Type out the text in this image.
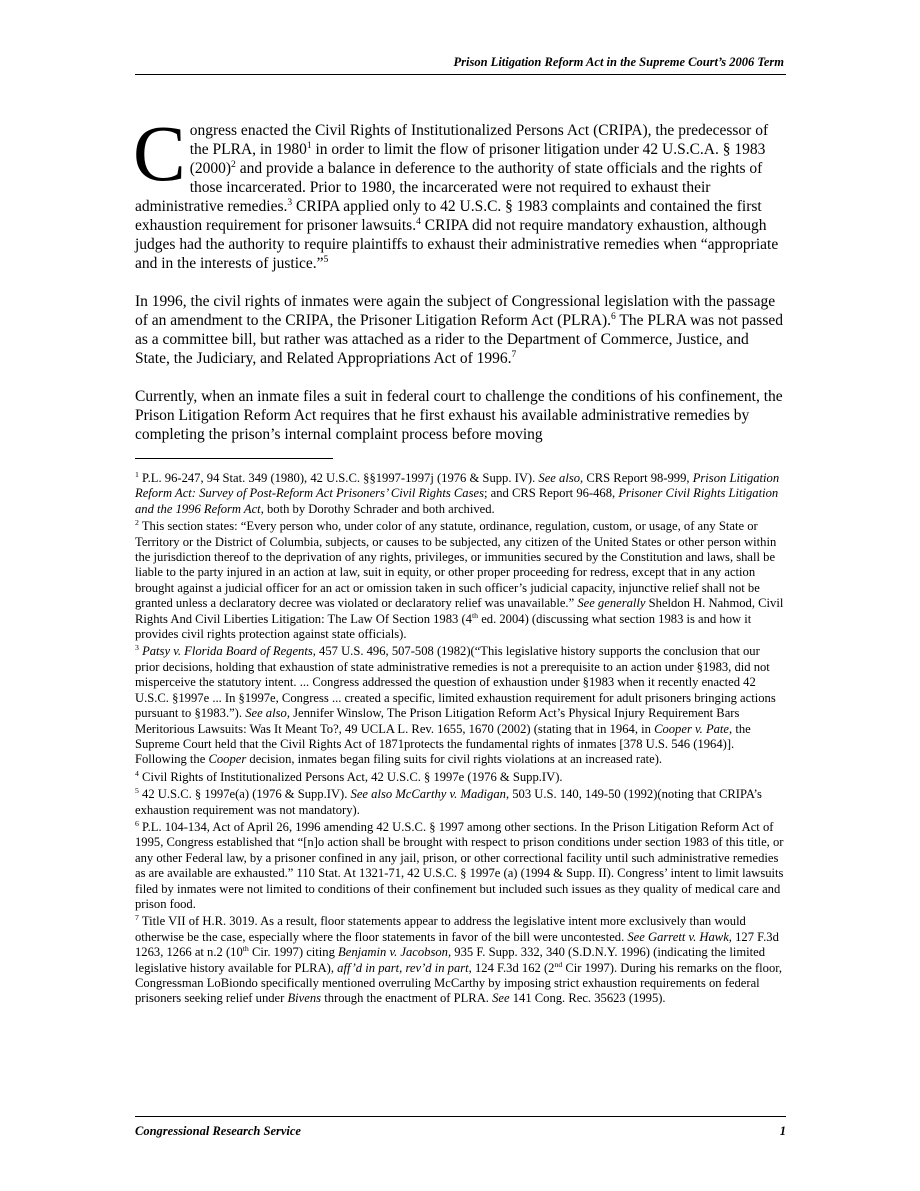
Prison Litigation Reform Act in the Supreme Court’s 2006 Term

Congress enacted the Civil Rights of Institutionalized Persons Act (CRIPA), the predecessor of the PLRA, in 1980$^1$ in order to limit the flow of prisoner litigation under 42 U.S.C.A. § 1983 $(2000)^2$ and provide a balance in deference to the authority of state officials and the rights of those incarcerated. Prior to 1980, the incarcerated were not required to exhaust their administrative remedies.$^3$ CRIPA applied only to 42 U.S.C. § 1983 complaints and contained the first exhaustion requirement for prisoner lawsuits.$^4$ CRIPA did not require mandatory exhaustion, although judges had the authority to require plaintiffs to exhaust their administrative remedies when “appropriate and in the interests of justice.”$^5$

In 1996, the civil rights of inmates were again the subject of Congressional legislation with the passage of an amendment to the CRIPA, the Prisoner Litigation Reform Act (PLRA).$^6$ The PLRA was not passed as a committee bill, but rather was attached as a rider to the Department of Commerce, Justice, and State, the Judiciary, and Related Appropriations Act of 1996.$^7$

Currently, when an inmate files a suit in federal court to challenge the conditions of his confinement, the Prison Litigation Reform Act requires that he first exhaust his available administrative remedies by completing the prison’s internal complaint process before moving

$^1$ P.L. 96-247, 94 Stat. 349 (1980), 42 U.S.C. §§1997-1997j (1976 & Supp. IV). See also, CRS Report 98-999, Prison Litigation Reform Act: Survey of Post-Reform Act Prisoners’ Civil Rights Cases; and CRS Report 96-468, Prisoner Civil Rights Litigation and the 1996 Reform Act, both by Dorothy Schrader and both archived.
$^2$ This section states: “Every person who, under color of any statute, ordinance, regulation, custom, or usage, of any State or Territory or the District of Columbia, subjects, or causes to be subjected, any citizen of the United States or other person within the jurisdiction thereof to the deprivation of any rights, privileges, or immunities secured by the Constitution and laws, shall be liable to the party injured in an action at law, suit in equity, or other proper proceeding for redress, except that in any action brought against a judicial officer for an act or omission taken in such officer’s judicial capacity, injunctive relief shall not be granted unless a declaratory decree was violated or declaratory relief was unavailable.” See generally Sheldon H. Nahmod, Civil Rights And Civil Liberties Litigation: The Law Of Section 1983 (4th ed. 2004) (discussing what section 1983 is and how it provides civil rights protection against state officials).
$^3$ Patsy v. Florida Board of Regents, 457 U.S. 496, 507-508 (1982)(“This legislative history supports the conclusion that our prior decisions, holding that exhaustion of state administrative remedies is not a prerequisite to an action under §1983, did not misperceive the statutory intent. ... Congress addressed the question of exhaustion under §1983 when it recently enacted 42 U.S.C. §1997e ... In §1997e, Congress ... created a specific, limited exhaustion requirement for adult prisoners bringing actions pursuant to §1983.”). See also, Jennifer Winslow, The Prison Litigation Reform Act’s Physical Injury Requirement Bars Meritorious Lawsuits: Was It Meant To?, 49 UCLA L. Rev. 1655, 1670 (2002) (stating that in 1964, in Cooper v. Pate, the Supreme Court held that the Civil Rights Act of 1871protects the fundamental rights of inmates [378 U.S. 546 (1964)]. Following the Cooper decision, inmates began filing suits for civil rights violations at an increased rate).
$^4$ Civil Rights of Institutionalized Persons Act, 42 U.S.C. § 1997e (1976 & Supp.IV).
$^5$ 42 U.S.C. § 1997e(a) (1976 & Supp.IV). See also McCarthy v. Madigan, 503 U.S. 140, 149-50 (1992)(noting that CRIPA’s exhaustion requirement was not mandatory).
$^6$ P.L. 104-134, Act of April 26, 1996 amending 42 U.S.C. § 1997 among other sections. In the Prison Litigation Reform Act of 1995, Congress established that “[n]o action shall be brought with respect to prison conditions under section 1983 of this title, or any other Federal law, by a prisoner confined in any jail, prison, or other correctional facility until such administrative remedies as are available are exhausted.” 110 Stat. At 1321-71, 42 U.S.C. § 1997e (a) (1994 & Supp. II). Congress’ intent to limit lawsuits filed by inmates were not limited to conditions of their confinement but included such issues as they quality of medical care and prison food.
$^7$ Title VII of H.R. 3019. As a result, floor statements appear to address the legislative intent more exclusively than would otherwise be the case, especially where the floor statements in favor of the bill were uncontested. See Garrett v. Hawk, 127 F.3d 1263, 1266 at n.2 (10th Cir. 1997) citing Benjamin v. Jacobson, 935 F. Supp. 332, 340 (S.D.N.Y. 1996) (indicating the limited legislative history available for PLRA), aff’d in part, rev’d in part, 124 F.3d 162 (2nd Cir 1997). During his remarks on the floor, Congressman LoBiondo specifically mentioned overruling McCarthy by imposing strict exhaustion requirements on federal prisoners seeking relief under Bivens through the enactment of PLRA. See 141 Cong. Rec. 35623 (1995).
Congressional Research Service	1
